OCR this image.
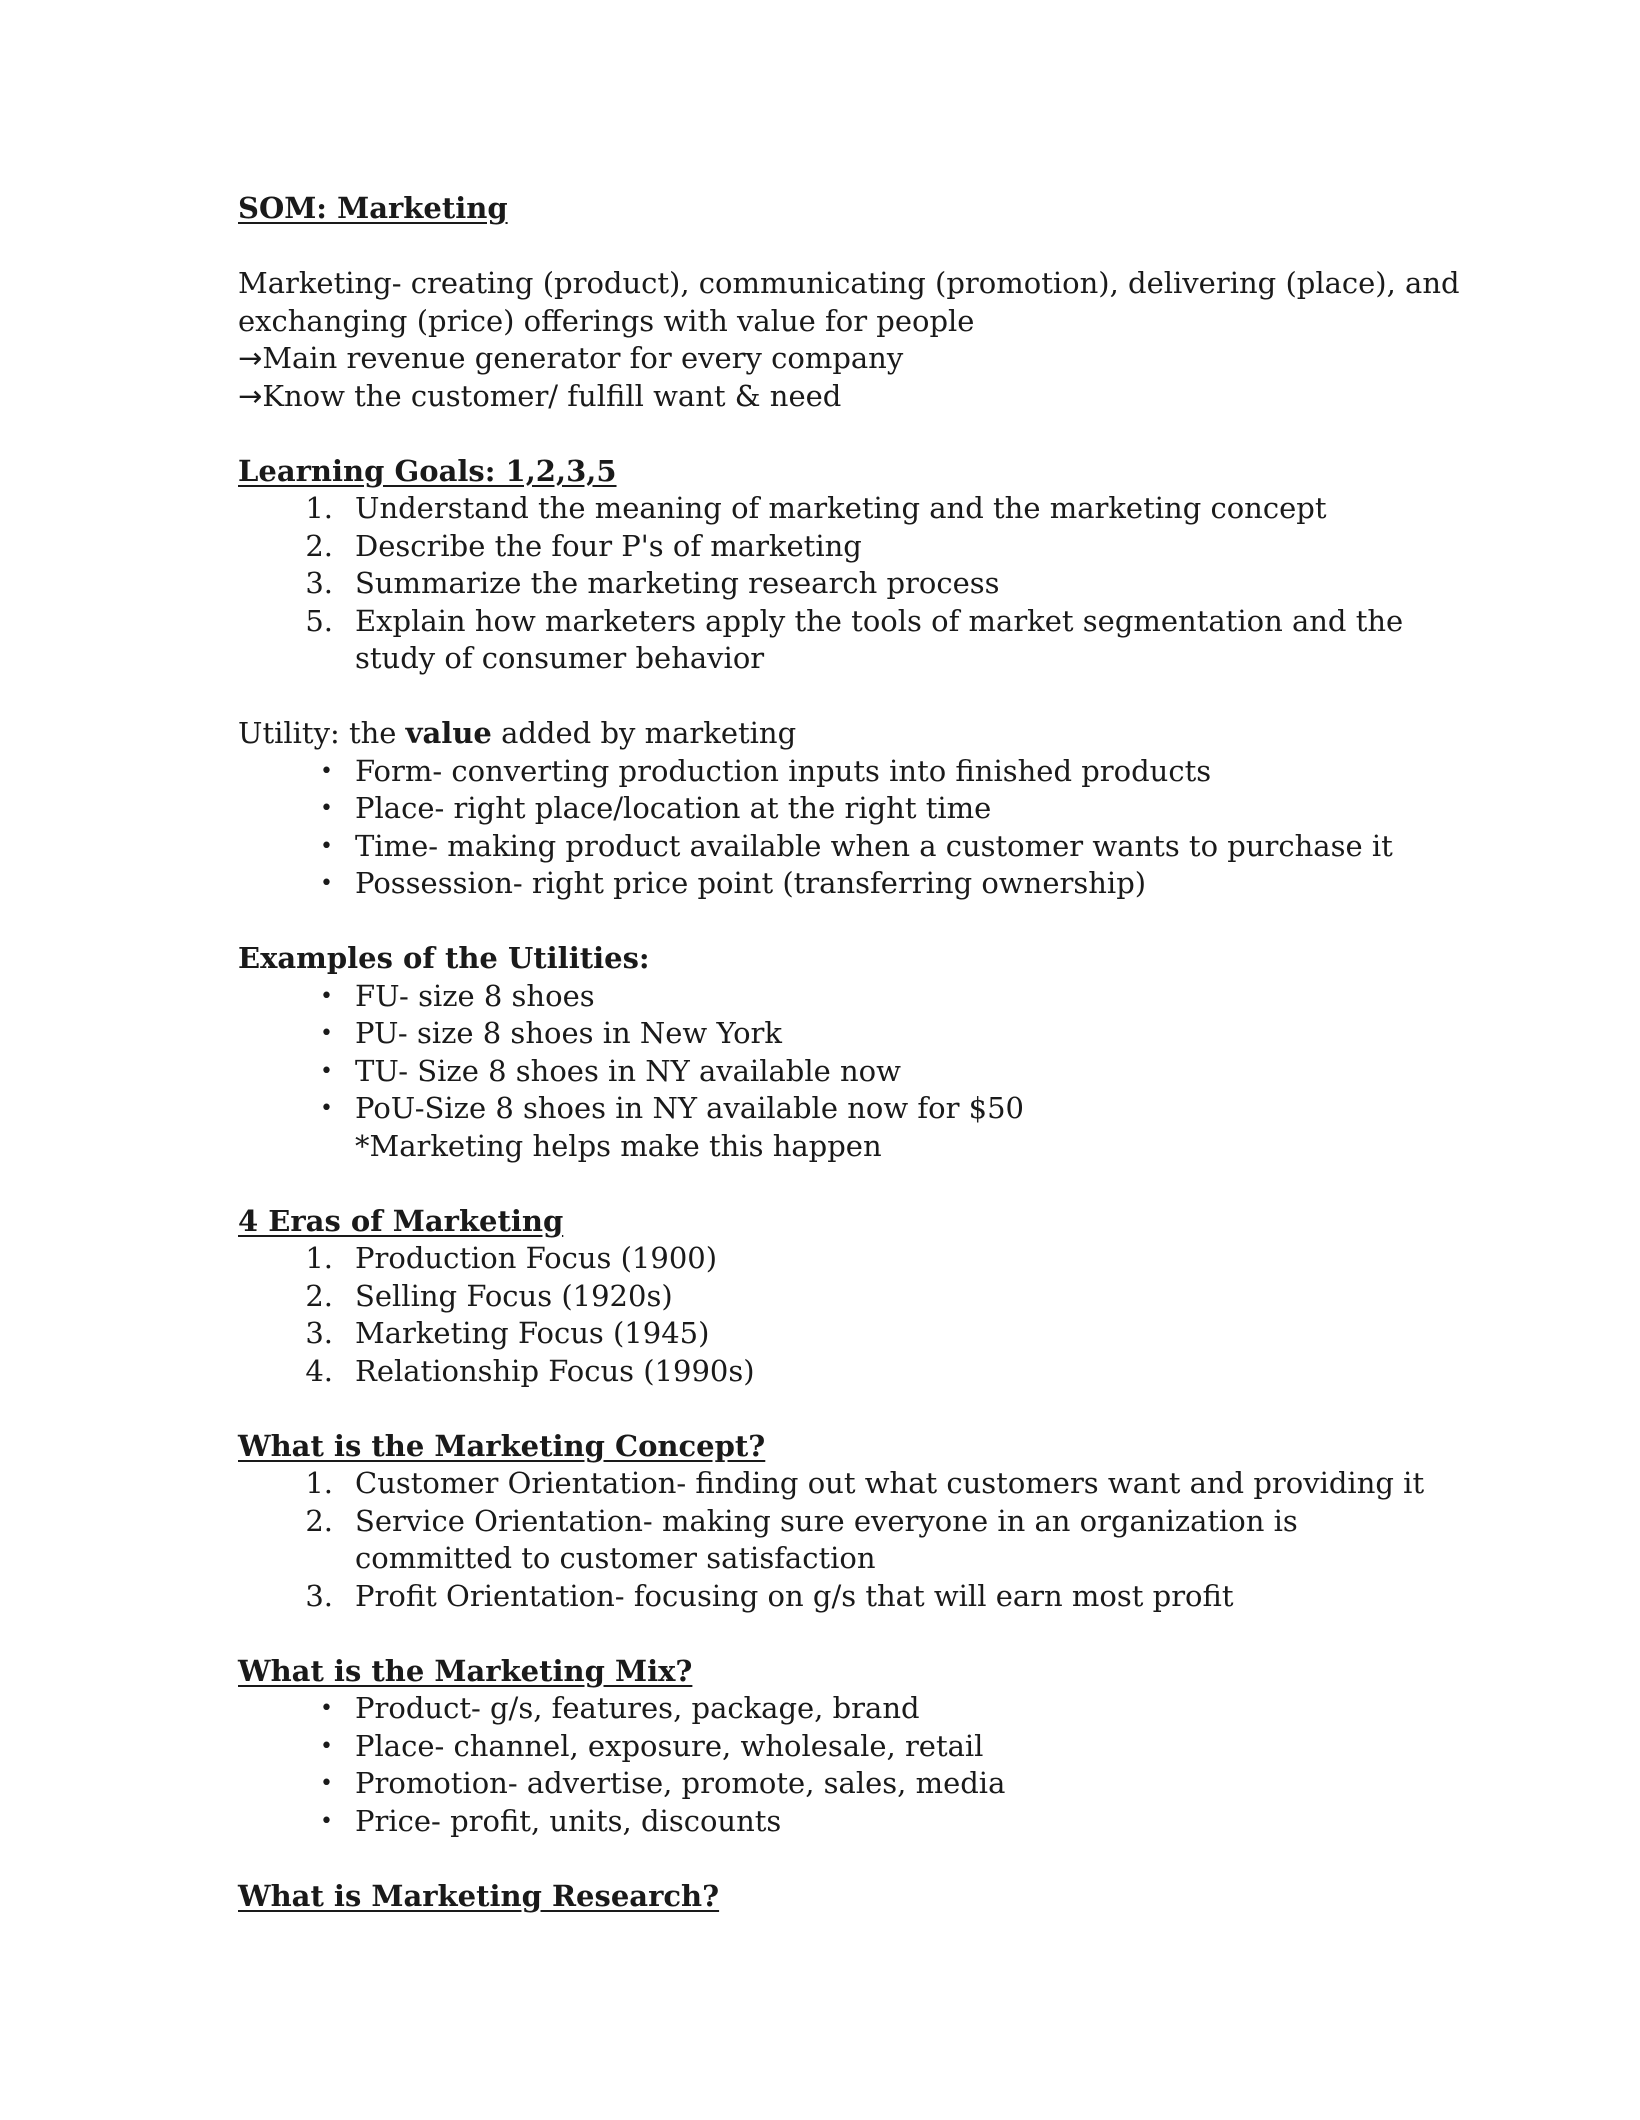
SOM: Marketing

Marketing- creating (product), communicating (promotion), delivering (place), and

exchanging (price) offerings with value for people

→Main revenue generator for every company

→Know the customer/ fulfill want & need

Learning Goals: 1,2,3,5

1. Understand the meaning of marketing and the marketing concept
2. Describe the four P's of marketing
3. Summarize the marketing research process
5. Explain how marketers apply the tools of market segmentation and the study of consumer behavior

Utility: the value added by marketing

• Form- converting production inputs into finished products
• Place- right place/location at the right time
• Time- making product available when a customer wants to purchase it
• Possession- right price point (transferring ownership)

Examples of the Utilities:

• FU- size 8 shoes
• PU- size 8 shoes in New York
• TU- Size 8 shoes in NY available now
• PoU-Size 8 shoes in NY available now for $50

*Marketing helps make this happen

4 Eras of Marketing

1. Production Focus (1900)
2. Selling Focus (1920s)
3. Marketing Focus (1945)
4. Relationship Focus (1990s)

What is the Marketing Concept?

1. Customer Orientation- finding out what customers want and providing it
2. Service Orientation- making sure everyone in an organization is committed to customer satisfaction
3. Profit Orientation- focusing on g/s that will earn most profit

What is the Marketing Mix?

• Product- g/s, features, package, brand
• Place- channel, exposure, wholesale, retail
• Promotion- advertise, promote, sales, media
• Price- profit, units, discounts

What is Marketing Research?
